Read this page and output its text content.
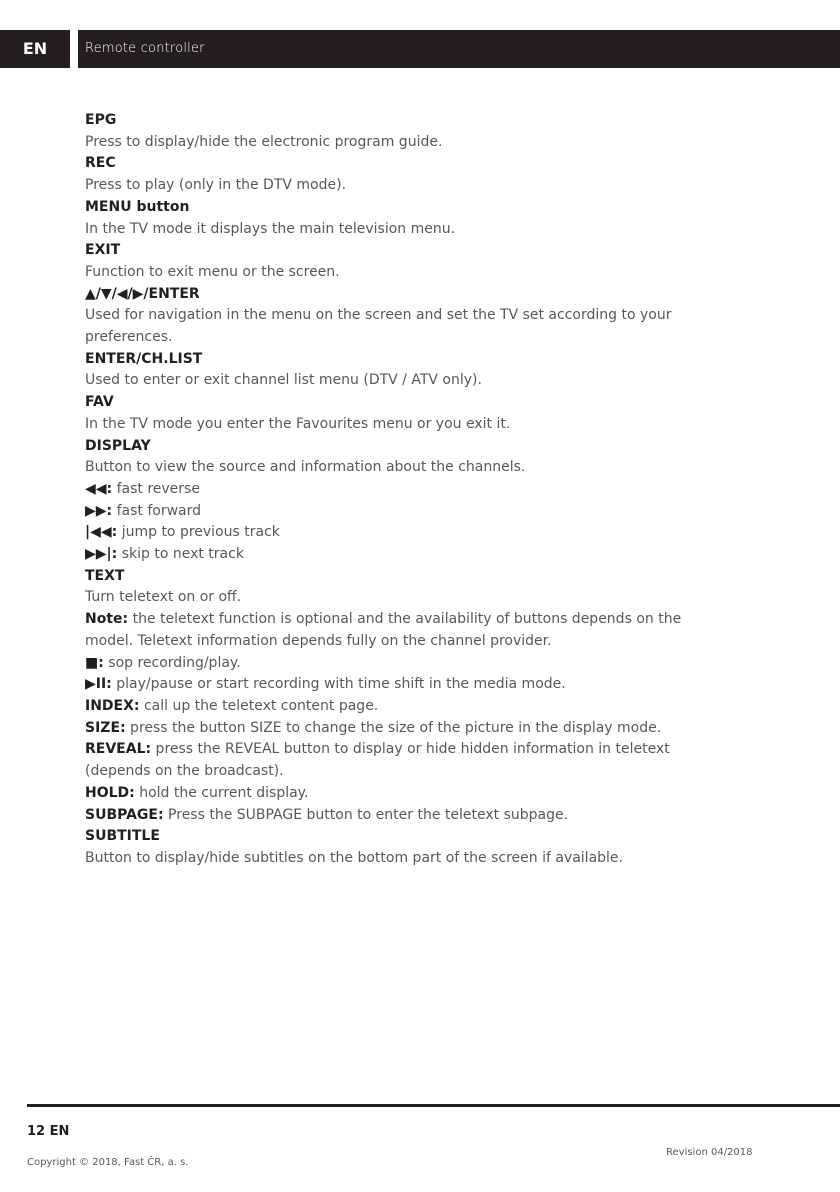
EN	Remote controller
EPG
Press to display/hide the electronic program guide.
REC
Press to play (only in the DTV mode).
MENU button
In the TV mode it displays the main television menu.
EXIT
Function to exit menu or the screen.
▲/▼/◀/▶/ENTER
Used for navigation in the menu on the screen and set the TV set according to your
preferences.
ENTER/CH.LIST
Used to enter or exit channel list menu (DTV / ATV only).
FAV
In the TV mode you enter the Favourites menu or you exit it.
DISPLAY
Button to view the source and information about the channels.
◀◀: fast reverse
▶▶: fast forward
|◀◀: jump to previous track
▶▶|: skip to next track
TEXT
Turn teletext on or off.
Note: the teletext function is optional and the availability of buttons depends on the
model. Teletext information depends fully on the channel provider.
■: sop recording/play.
▶II: play/pause or start recording with time shift in the media mode.
INDEX: call up the teletext content page.
SIZE: press the button SIZE to change the size of the picture in the display mode.
REVEAL: press the REVEAL button to display or hide hidden information in teletext
(depends on the broadcast).
HOLD: hold the current display.
SUBPAGE: Press the SUBPAGE button to enter the teletext subpage.
SUBTITLE
Button to display/hide subtitles on the bottom part of the screen if available.
12 EN
Revision 04/2018
Copyright © 2018, Fast ČR, a. s.
